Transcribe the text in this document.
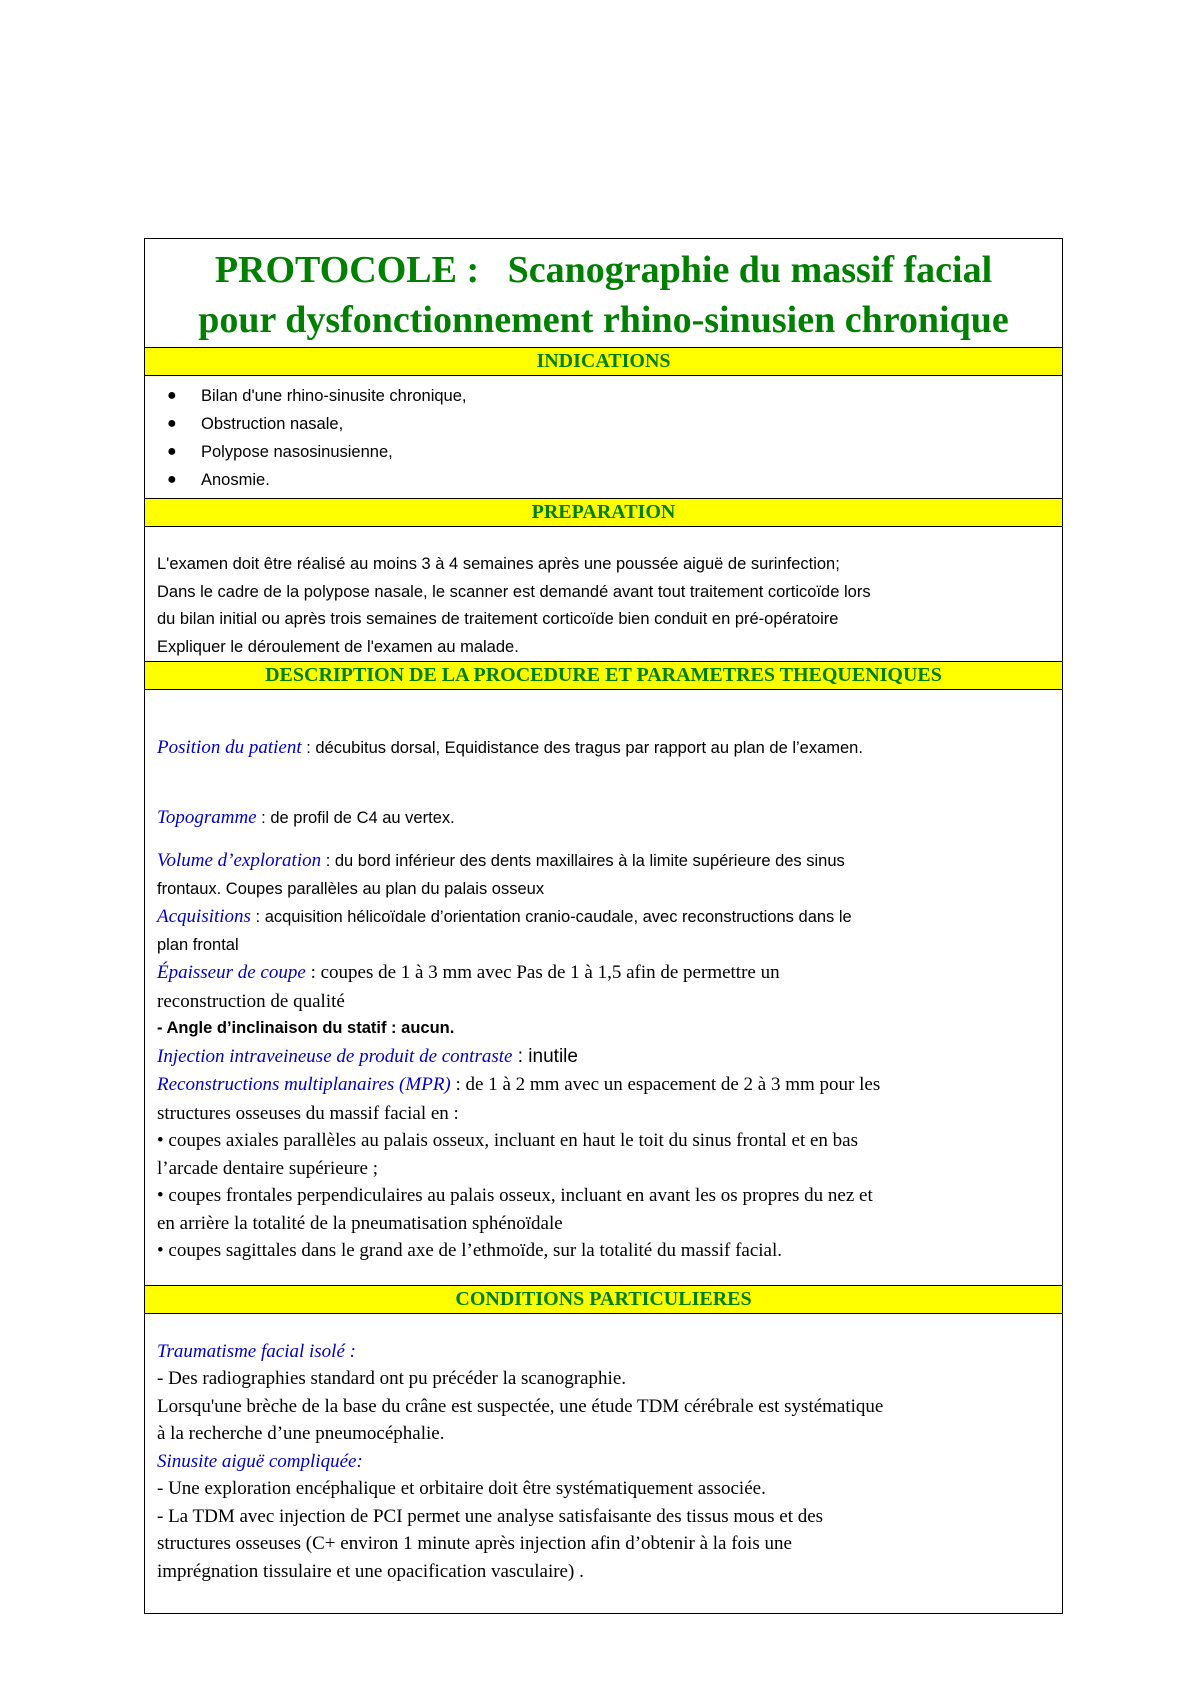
PROTOCOLE :   Scanographie du massif facial
pour dysfonctionnement rhino-sinusien chronique
INDICATIONS
●	Bilan d'une rhino-sinusite chronique,
●	Obstruction nasale,
●	Polypose nasosinusienne,
●	Anosmie.
PREPARATION
L'examen doit être réalisé au moins 3 à 4 semaines après une poussée aiguë de surinfection;
Dans le cadre de la polypose nasale, le scanner est demandé avant tout traitement corticoïde lors
du bilan initial ou après trois semaines de traitement corticoïde bien conduit en pré-opératoire
Expliquer le déroulement de l'examen au malade.
DESCRIPTION DE LA PROCEDURE ET PARAMETRES THEQUENIQUES
Position du patient : décubitus dorsal, Equidistance des tragus par rapport au plan de l’examen.
Topogramme : de profil de C4 au vertex.
Volume d’exploration : du bord inférieur des dents maxillaires à la limite supérieure des sinus
frontaux. Coupes parallèles au plan du palais osseux
Acquisitions : acquisition hélicoïdale d’orientation cranio-caudale, avec reconstructions dans le
plan frontal
Épaisseur de coupe : coupes de 1 à 3 mm avec Pas de 1 à 1,5 afin de permettre un
reconstruction de qualité
- Angle d’inclinaison du statif : aucun.
Injection intraveineuse de produit de contraste : inutile
Reconstructions multiplanaires (MPR) : de 1 à 2 mm avec un espacement de 2 à 3 mm pour les
structures osseuses du massif facial en :
• coupes axiales parallèles au palais osseux, incluant en haut le toit du sinus frontal et en bas
l’arcade dentaire supérieure ;
• coupes frontales perpendiculaires au palais osseux, incluant en avant les os propres du nez et
en arrière la totalité de la pneumatisation sphénoïdale
• coupes sagittales dans le grand axe de l’ethmoïde, sur la totalité du massif facial.
CONDITIONS PARTICULIERES
Traumatisme facial isolé :
- Des radiographies standard ont pu précéder la scanographie.
Lorsqu'une brèche de la base du crâne est suspectée, une étude TDM cérébrale est systématique
à la recherche d’une pneumocéphalie.
Sinusite aiguë compliquée:
- Une exploration encéphalique et orbitaire doit être systématiquement associée.
- La TDM avec injection de PCI permet une analyse satisfaisante des tissus mous et des
structures osseuses (C+ environ 1 minute après injection afin d’obtenir à la fois une
imprégnation tissulaire et une opacification vasculaire) .
